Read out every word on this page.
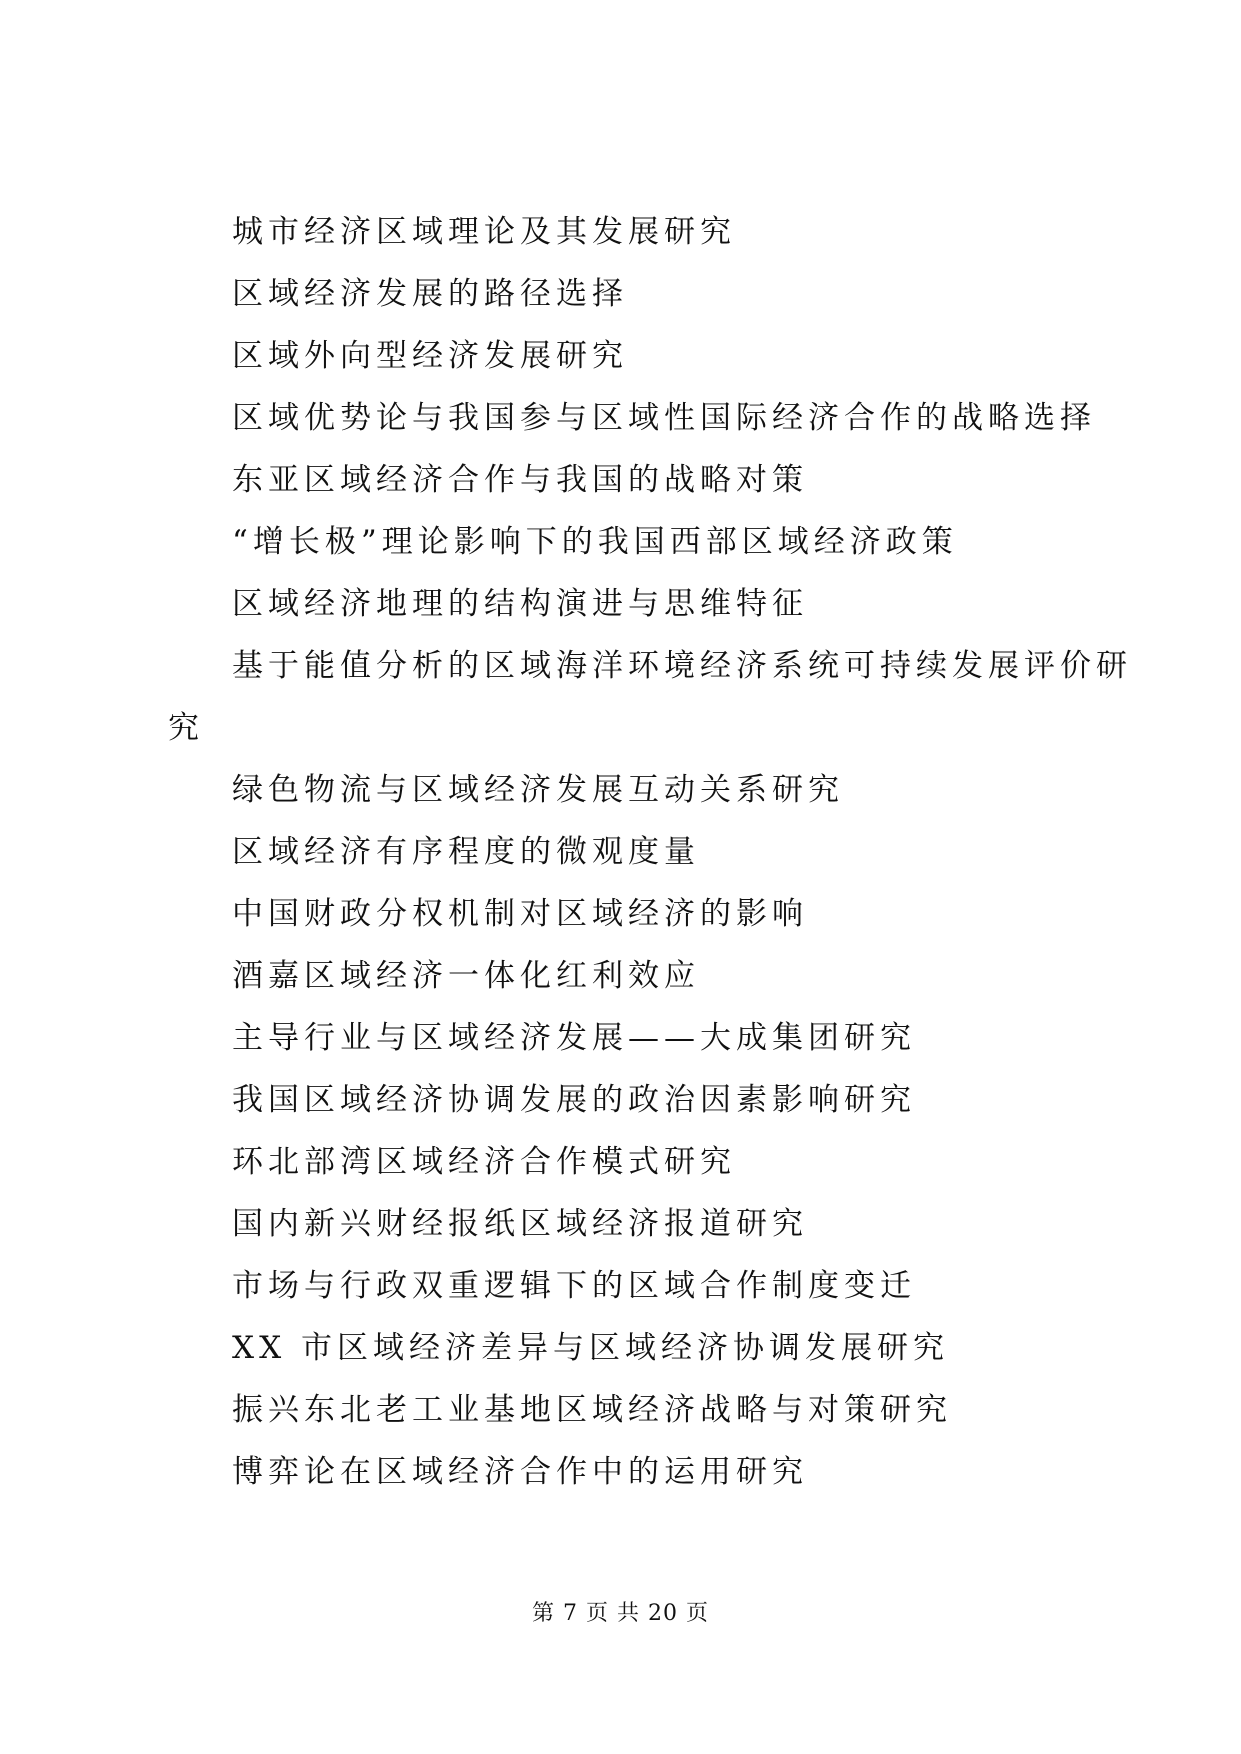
城市经济区域理论及其发展研究
区域经济发展的路径选择
区域外向型经济发展研究
区域优势论与我国参与区域性国际经济合作的战略选择
东亚区域经济合作与我国的战略对策
“增长极”理论影响下的我国西部区域经济政策
区域经济地理的结构演进与思维特征
基于能值分析的区域海洋环境经济系统可持续发展评价研
究
绿色物流与区域经济发展互动关系研究
区域经济有序程度的微观度量
中国财政分权机制对区域经济的影响
酒嘉区域经济一体化红利效应
主导行业与区域经济发展——大成集团研究
我国区域经济协调发展的政治因素影响研究
环北部湾区域经济合作模式研究
国内新兴财经报纸区域经济报道研究
市场与行政双重逻辑下的区域合作制度变迁
XX 市区域经济差异与区域经济协调发展研究
振兴东北老工业基地区域经济战略与对策研究
博弈论在区域经济合作中的运用研究
第 7 页 共 20 页
